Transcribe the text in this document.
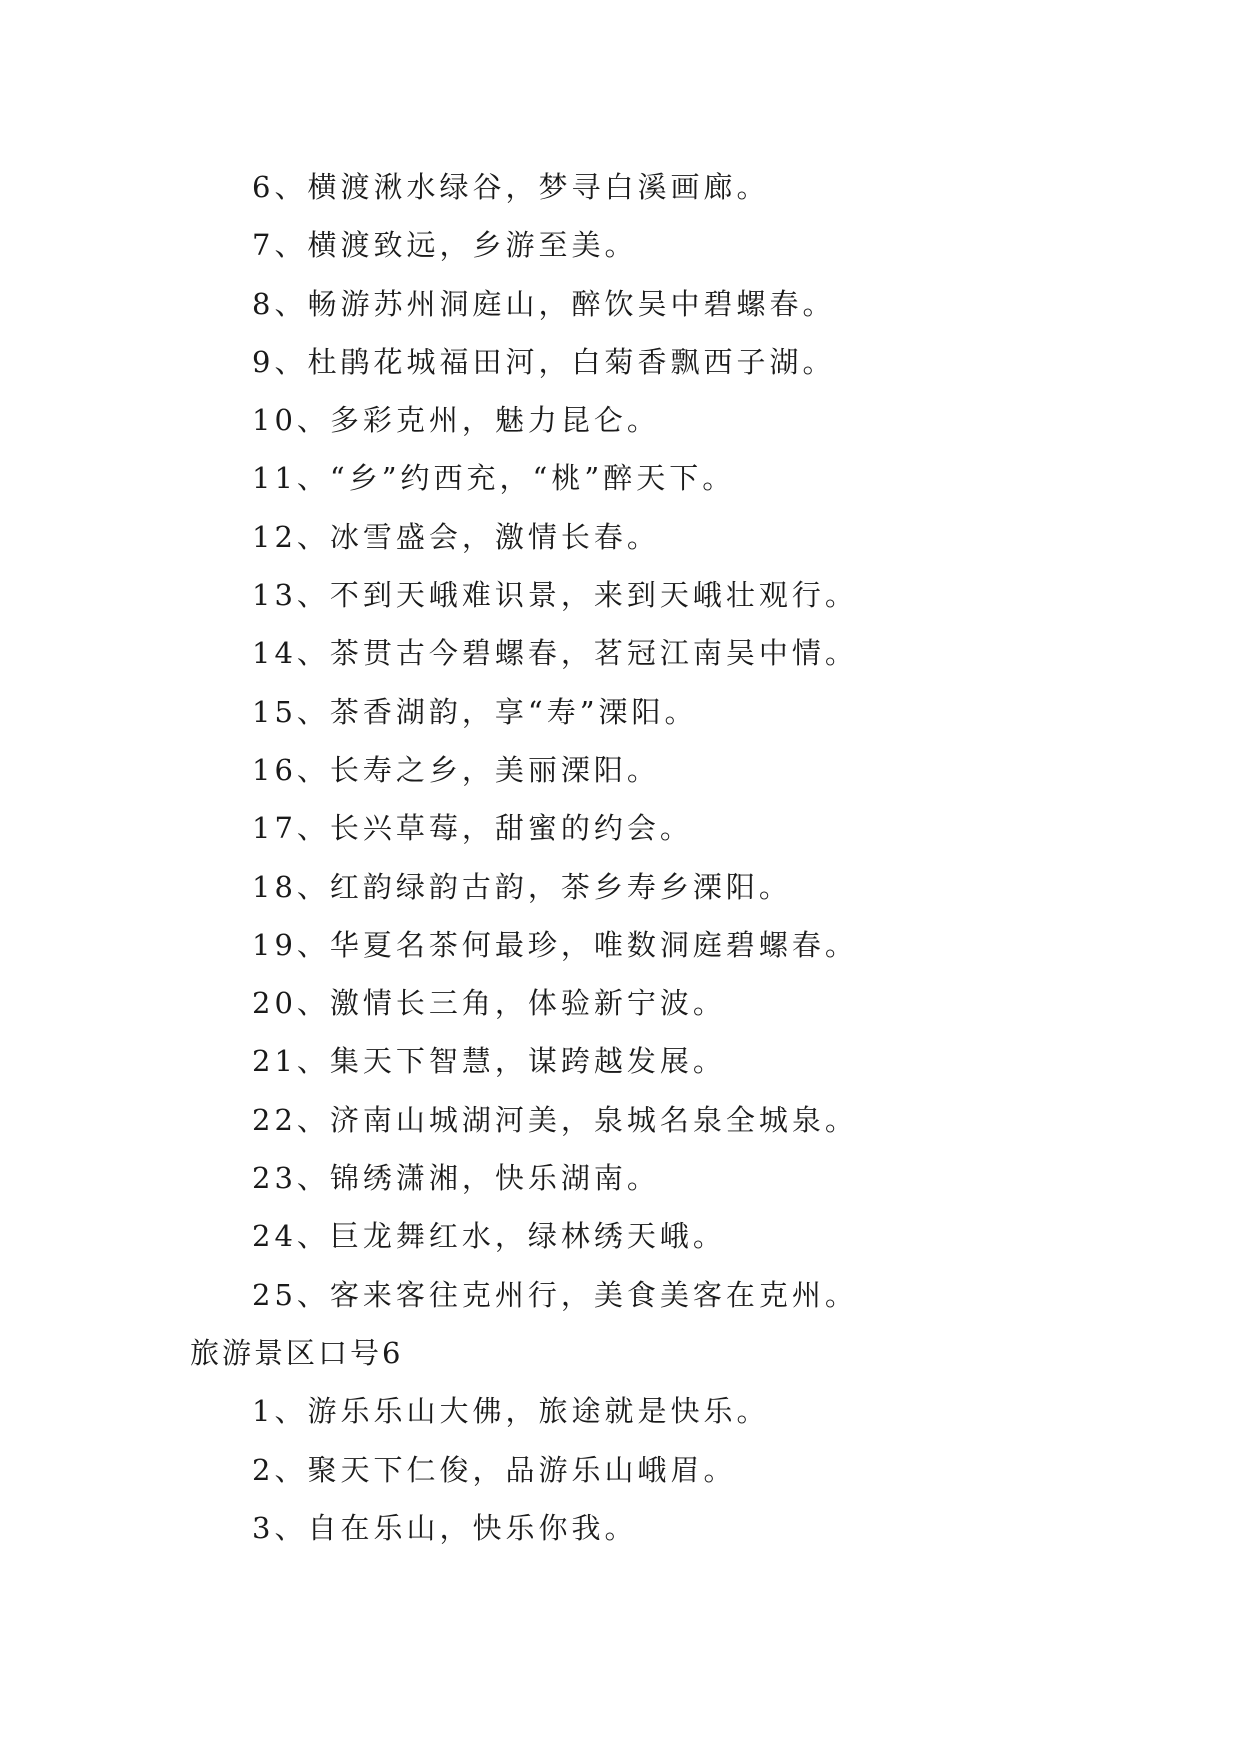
6、横渡湫水绿谷，梦寻白溪画廊。
7、横渡致远，乡游至美。
8、畅游苏州洞庭山，醉饮吴中碧螺春。
9、杜鹃花城福田河，白菊香飘西子湖。
10、多彩克州，魅力昆仑。
11、“乡”约西充，“桃”醉天下。
12、冰雪盛会，激情长春。
13、不到天峨难识景，来到天峨壮观行。
14、茶贯古今碧螺春，茗冠江南吴中情。
15、茶香湖韵，享“寿”溧阳。
16、长寿之乡，美丽溧阳。
17、长兴草莓，甜蜜的约会。
18、红韵绿韵古韵，茶乡寿乡溧阳。
19、华夏名茶何最珍，唯数洞庭碧螺春。
20、激情长三角，体验新宁波。
21、集天下智慧，谋跨越发展。
22、济南山城湖河美，泉城名泉全城泉。
23、锦绣潇湘，快乐湖南。
24、巨龙舞红水，绿林绣天峨。
25、客来客往克州行，美食美客在克州。
旅游景区口号6
1、游乐乐山大佛，旅途就是快乐。
2、聚天下仁俊，品游乐山峨眉。
3、自在乐山，快乐你我。
